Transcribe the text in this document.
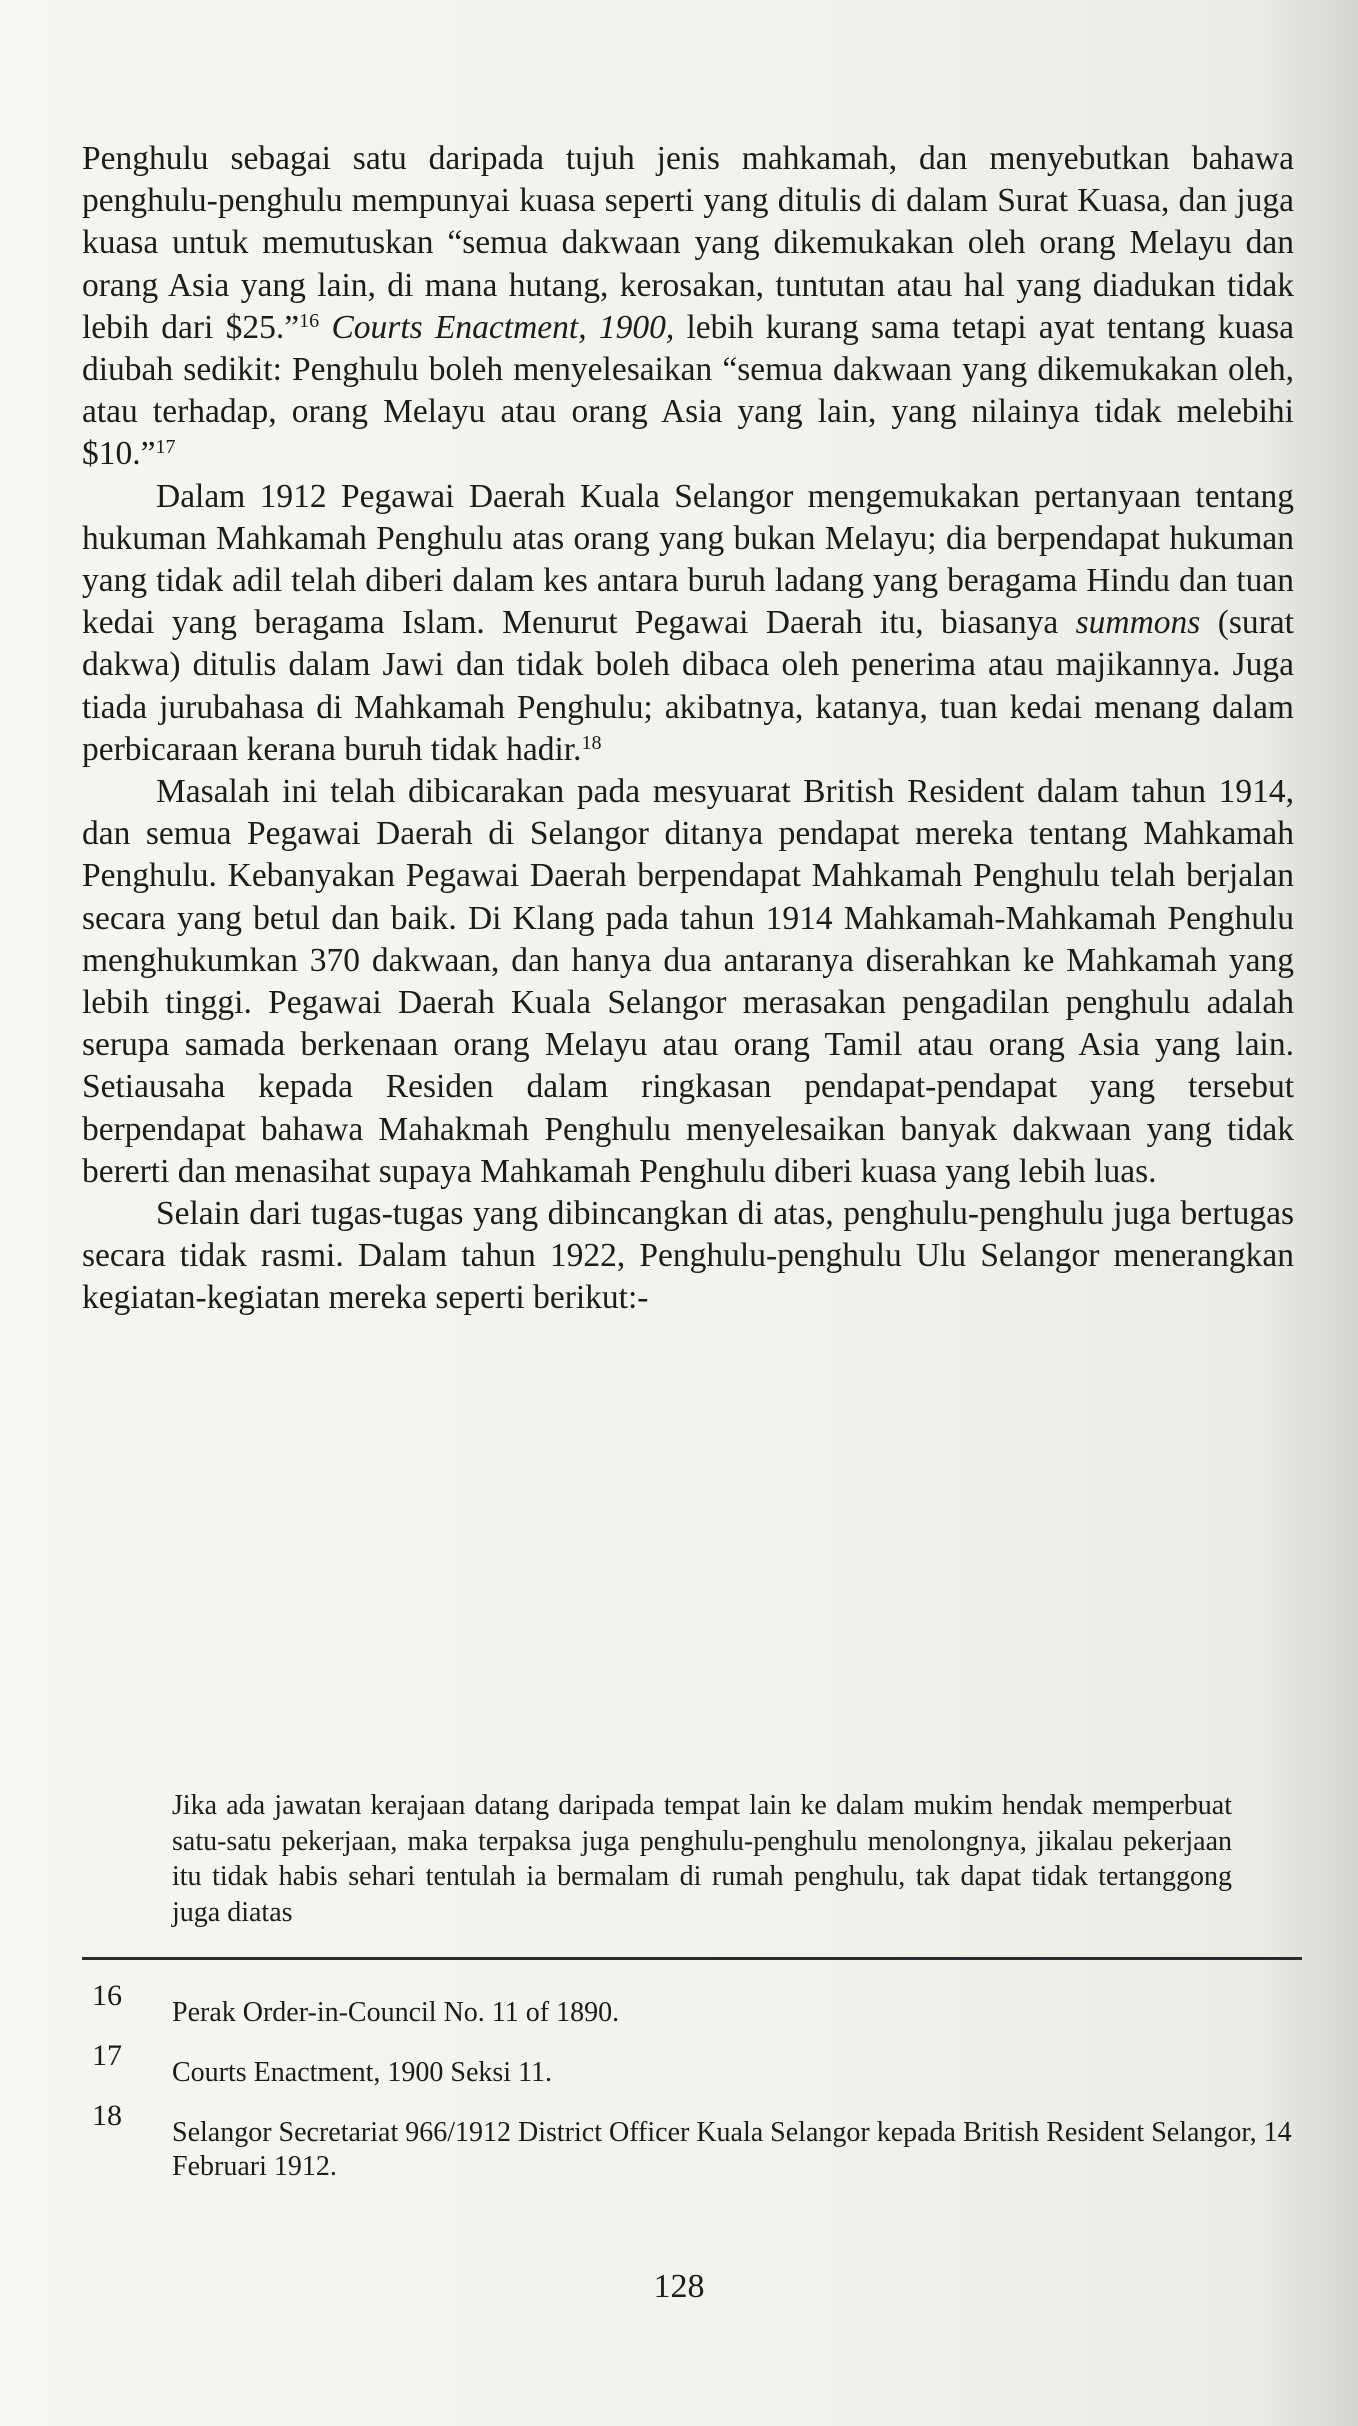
Penghulu sebagai satu daripada tujuh jenis mahkamah, dan menyebutkan bahawa penghulu-penghulu mempunyai kuasa seperti yang ditulis di dalam Surat Kuasa, dan juga kuasa untuk memutuskan “semua dakwaan yang dikemukakan oleh orang Melayu dan orang Asia yang lain, di mana hutang, kerosakan, tuntutan atau hal yang diadukan tidak lebih dari $25.”$^{16}$ Courts Enactment, 1900, lebih kurang sama tetapi ayat tentang kuasa diubah sedikit: Penghulu boleh menyelesaikan “semua dakwaan yang dikemukakan oleh, atau terhadap, orang Melayu atau orang Asia yang lain, yang nilainya tidak melebihi $10.”$^{17}$

Dalam 1912 Pegawai Daerah Kuala Selangor mengemukakan pertanyaan tentang hukuman Mahkamah Penghulu atas orang yang bukan Melayu; dia berpendapat hukuman yang tidak adil telah diberi dalam kes antara buruh ladang yang beragama Hindu dan tuan kedai yang beragama Islam. Menurut Pegawai Daerah itu, biasanya summons (surat dakwa) ditulis dalam Jawi dan tidak boleh dibaca oleh penerima atau majikannya. Juga tiada jurubahasa di Mahkamah Penghulu; akibatnya, katanya, tuan kedai menang dalam perbicaraan kerana buruh tidak hadir.$^{18}$

Masalah ini telah dibicarakan pada mesyuarat British Resident dalam tahun 1914, dan semua Pegawai Daerah di Selangor ditanya pendapat mereka tentang Mahkamah Penghulu. Kebanyakan Pegawai Daerah berpendapat Mahkamah Penghulu telah berjalan secara yang betul dan baik. Di Klang pada tahun 1914 Mahkamah-Mahkamah Penghulu menghukumkan 370 dakwaan, dan hanya dua antaranya diserahkan ke Mahkamah yang lebih tinggi. Pegawai Daerah Kuala Selangor merasakan pengadilan penghulu adalah serupa samada berkenaan orang Melayu atau orang Tamil atau orang Asia yang lain. Setiausaha kepada Residen dalam ringkasan pendapat-pendapat yang tersebut berpendapat bahawa Mahakmah Penghulu menyelesaikan banyak dakwaan yang tidak bererti dan menasihat supaya Mahkamah Penghulu diberi kuasa yang lebih luas.

Selain dari tugas-tugas yang dibincangkan di atas, penghulu-penghulu juga bertugas secara tidak rasmi. Dalam tahun 1922, Penghulu-penghulu Ulu Selangor menerangkan kegiatan-kegiatan mereka seperti berikut:-

Jika ada jawatan kerajaan datang daripada tempat lain ke dalam mukim hendak memperbuat satu-satu pekerjaan, maka terpaksa juga penghulu-penghulu menolongnya, jikalau pekerjaan itu tidak habis sehari tentulah ia bermalam di rumah penghulu, tak dapat tidak tertanggong juga diatas

16
Perak Order-in-Council No. 11 of 1890.
17
Courts Enactment, 1900 Seksi 11.
18
Selangor Secretariat 966/1912 District Officer Kuala Selangor kepada British Resident Selangor, 14 Februari 1912.
128
